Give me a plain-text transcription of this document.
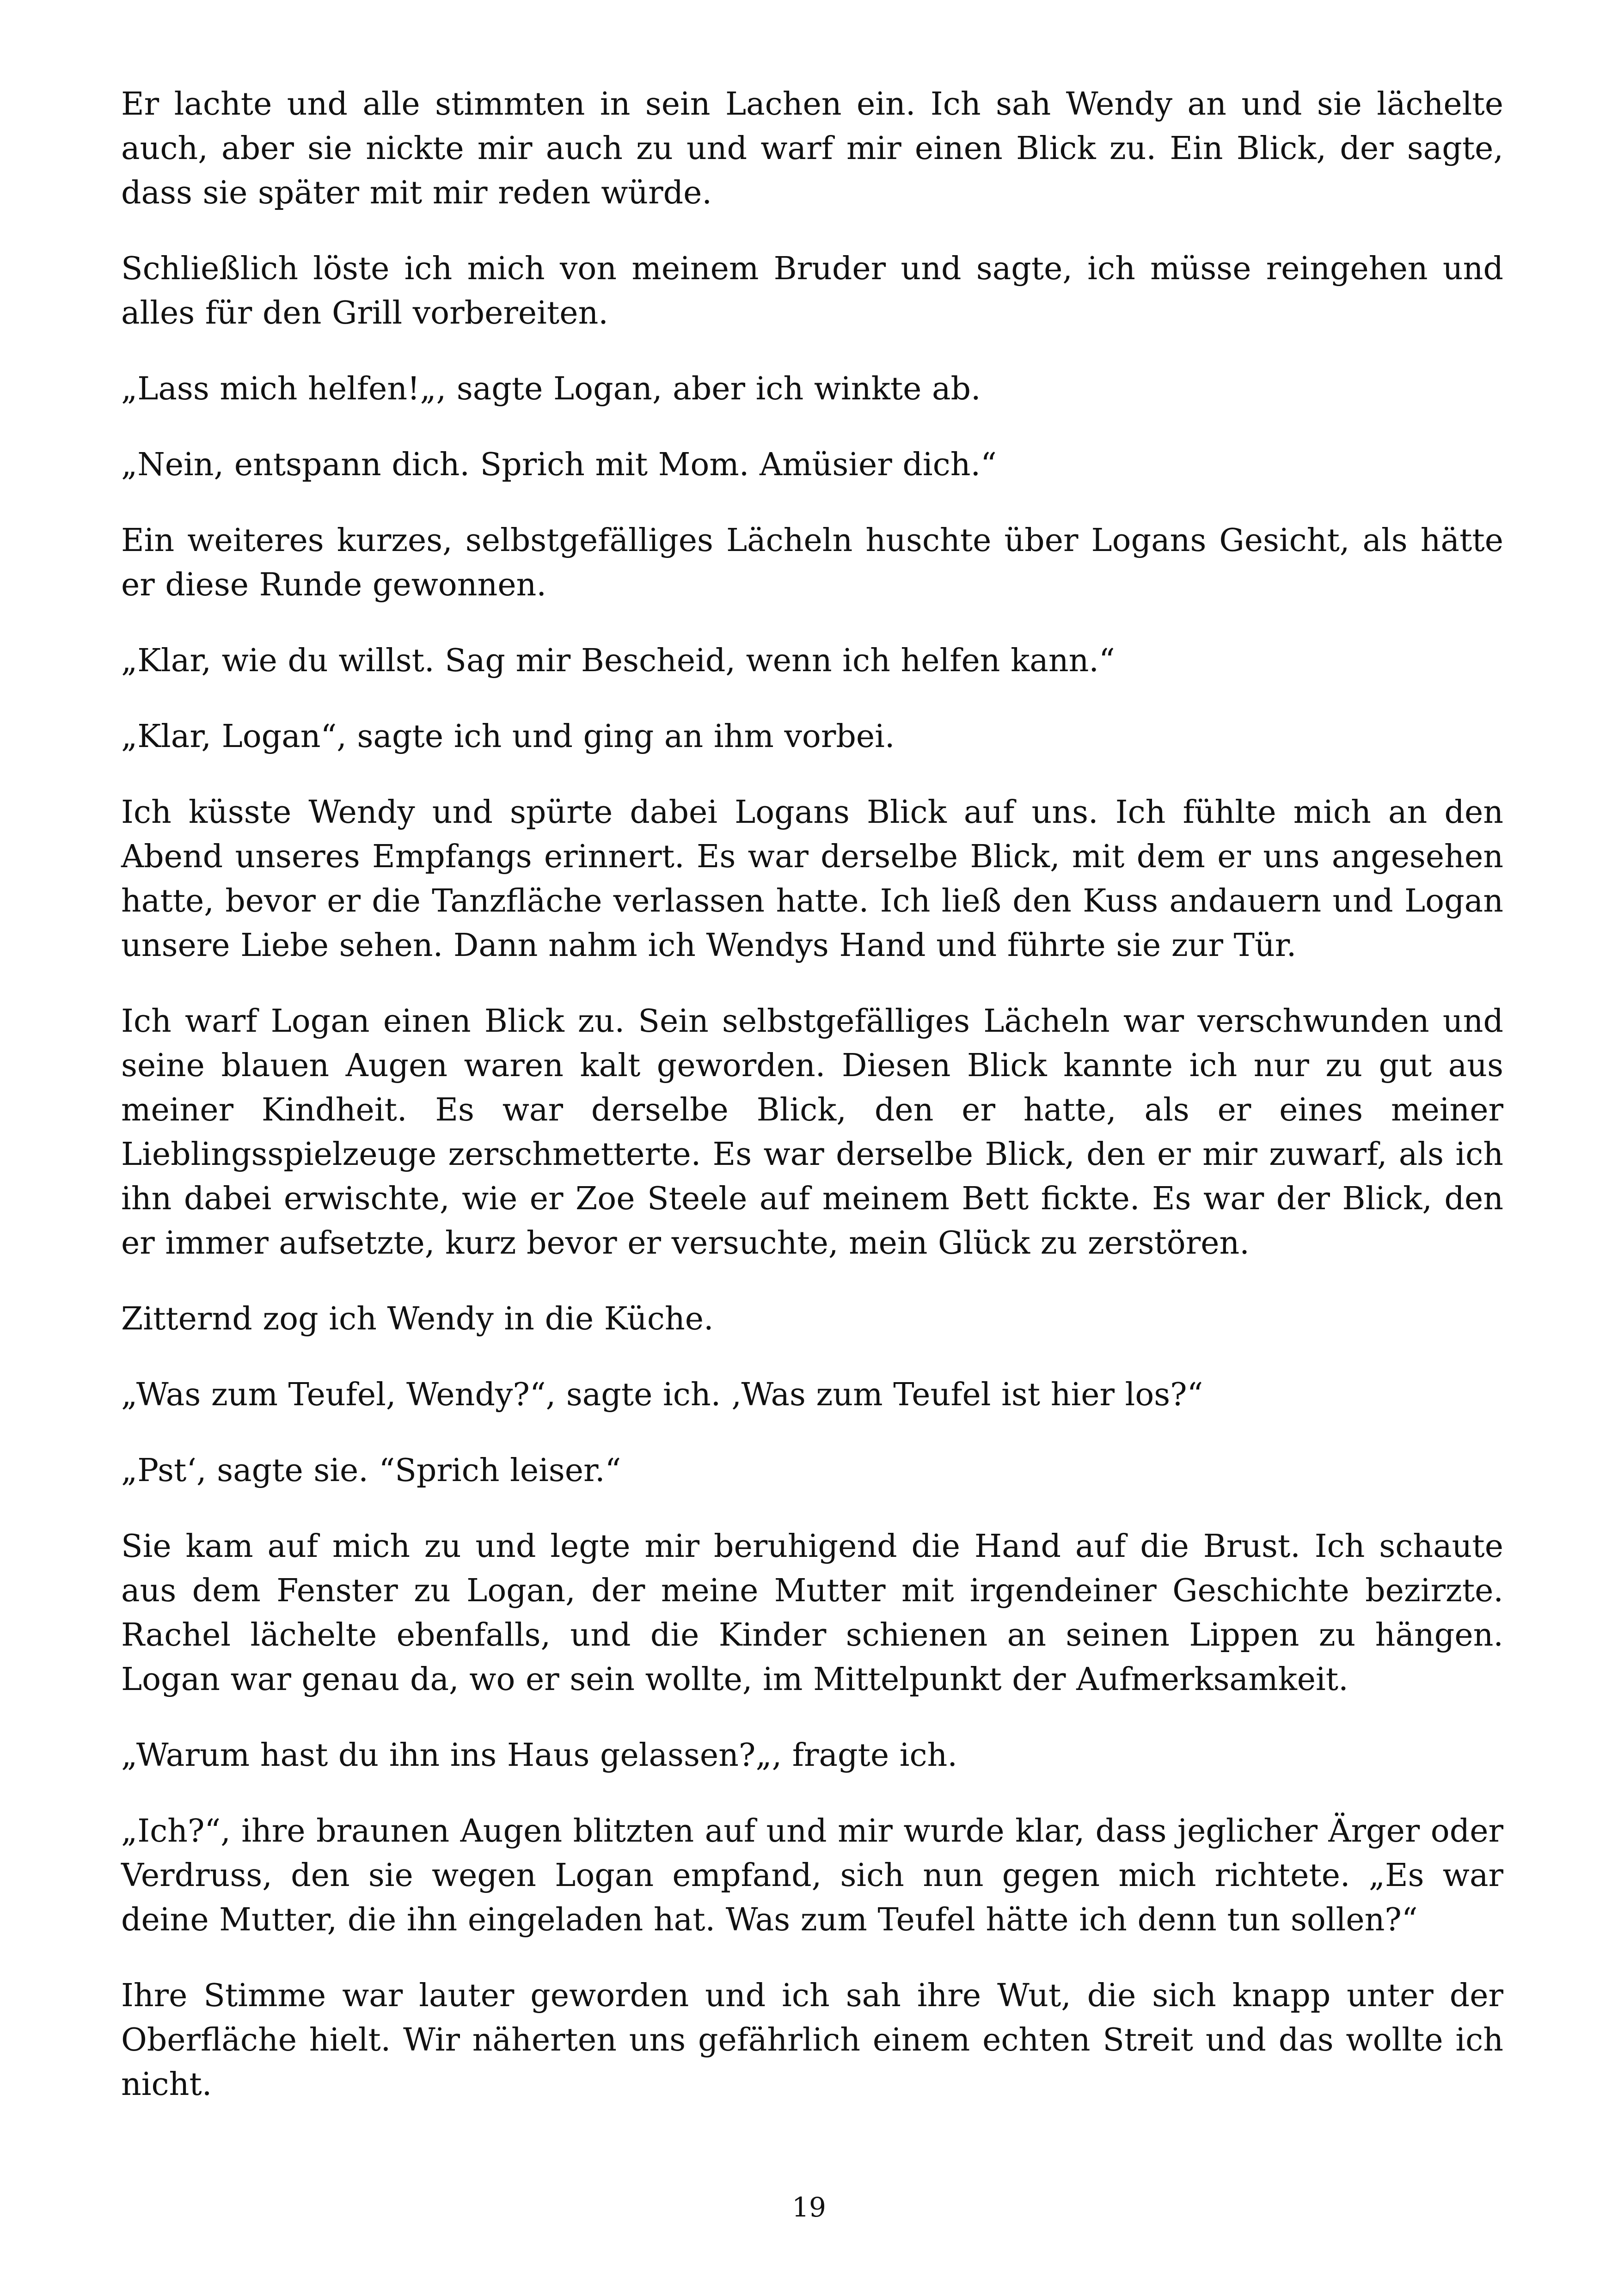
Er lachte und alle stimmten in sein Lachen ein. Ich sah Wendy an und sie lächelte auch, aber sie nickte mir auch zu und warf mir einen Blick zu. Ein Blick, der sagte, dass sie später mit mir reden würde.

Schließlich löste ich mich von meinem Bruder und sagte, ich müsse reingehen und alles für den Grill vorbereiten.

„Lass mich helfen!„, sagte Logan, aber ich winkte ab.

„Nein, entspann dich. Sprich mit Mom. Amüsier dich.“

Ein weiteres kurzes, selbstgefälliges Lächeln huschte über Logans Gesicht, als hätte er diese Runde gewonnen.

„Klar, wie du willst. Sag mir Bescheid, wenn ich helfen kann.“

„Klar, Logan“, sagte ich und ging an ihm vorbei.

Ich küsste Wendy und spürte dabei Logans Blick auf uns. Ich fühlte mich an den Abend unseres Empfangs erinnert. Es war derselbe Blick, mit dem er uns angesehen hatte, bevor er die Tanzfläche verlassen hatte. Ich ließ den Kuss andauern und Logan unsere Liebe sehen. Dann nahm ich Wendys Hand und führte sie zur Tür.

Ich warf Logan einen Blick zu. Sein selbstgefälliges Lächeln war verschwunden und seine blauen Augen waren kalt geworden. Diesen Blick kannte ich nur zu gut aus meiner Kindheit. Es war derselbe Blick, den er hatte, als er eines meiner Lieblingsspielzeuge zerschmetterte. Es war derselbe Blick, den er mir zuwarf, als ich ihn dabei erwischte, wie er Zoe Steele auf meinem Bett fickte. Es war der Blick, den er immer aufsetzte, kurz bevor er versuchte, mein Glück zu zerstören.

Zitternd zog ich Wendy in die Küche.

„Was zum Teufel, Wendy?“, sagte ich. ‚Was zum Teufel ist hier los?“

„Pst‘, sagte sie. “Sprich leiser.“

Sie kam auf mich zu und legte mir beruhigend die Hand auf die Brust. Ich schaute aus dem Fenster zu Logan, der meine Mutter mit irgendeiner Geschichte bezirzte. Rachel lächelte ebenfalls, und die Kinder schienen an seinen Lippen zu hängen. Logan war genau da, wo er sein wollte, im Mittelpunkt der Aufmerksamkeit.

„Warum hast du ihn ins Haus gelassen?„, fragte ich.

„Ich?“, ihre braunen Augen blitzten auf und mir wurde klar, dass jeglicher Ärger oder Verdruss, den sie wegen Logan empfand, sich nun gegen mich richtete. „Es war deine Mutter, die ihn eingeladen hat. Was zum Teufel hätte ich denn tun sollen?“

Ihre Stimme war lauter geworden und ich sah ihre Wut, die sich knapp unter der Oberfläche hielt. Wir näherten uns gefährlich einem echten Streit und das wollte ich nicht.

19
